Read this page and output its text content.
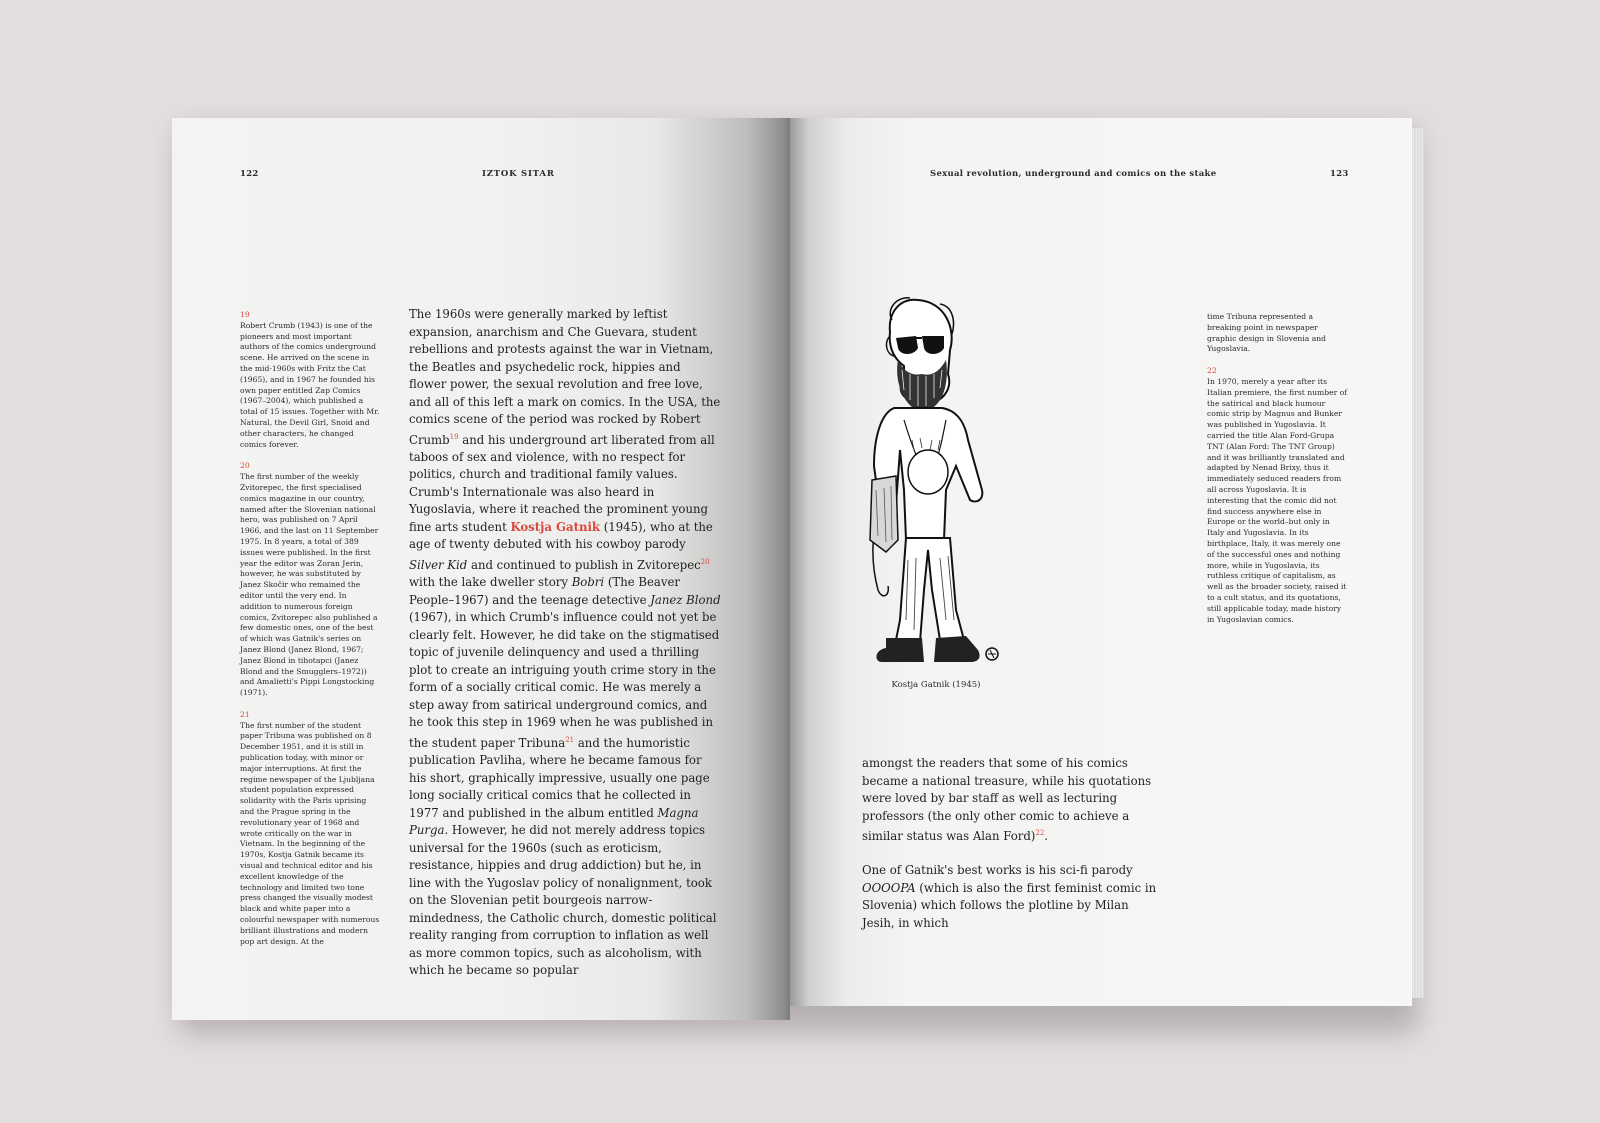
122	IZTOK SITAR
19
Robert Crumb (1943) is one of the pioneers and most important authors of the comics underground scene. He arrived on the scene in the mid-1960s with Fritz the Cat (1965), and in 1967 he founded his own paper entitled Zap Comics (1967–2004), which published a total of 15 issues. Together with Mr. Natural, the Devil Girl, Snoid and other characters, he changed comics forever.
20
The first number of the weekly Zvitorepec, the first specialised comics magazine in our country, named after the Slovenian national hero, was published on 7 April 1966, and the last on 11 September 1975. In 8 years, a total of 389 issues were published. In the first year the editor was Zoran Jerin, however, he was substituted by Janez Skočir who remained the editor until the very end. In addition to numerous foreign comics, Zvitorepec also published a few domestic ones, one of the best of which was Gatnik's series on Janez Blond (Janez Blond, 1967; Janez Blond in tihotapci (Janez Blond and the Smugglers–1972)) and Amalietti's Pippi Longstocking (1971).
21
The first number of the student paper Tribuna was published on 8 December 1951, and it is still in publication today, with minor or major interruptions. At first the regime newspaper of the Ljubljana student population expressed solidarity with the Paris uprising and the Prague spring in the revolutionary year of 1968 and wrote critically on the war in Vietnam. In the beginning of the 1970s, Kostja Gatnik became its visual and technical editor and his excellent knowledge of the technology and limited two tone press changed the visually modest black and white paper into a colourful newspaper with numerous brilliant illustrations and modern pop art design. At the

The 1960s were generally marked by leftist expansion, anarchism and Che Guevara, student rebellions and protests against the war in Vietnam, the Beatles and psychedelic rock, hippies and flower power, the sexual revolution and free love, and all of this left a mark on comics. In the USA, the comics scene of the period was rocked by Robert Crumb$^{19}$ and his underground art liberated from all taboos of sex and violence, with no respect for politics, church and traditional family values. Crumb's Internationale was also heard in Yugoslavia, where it reached the prominent young fine arts student Kostja Gatnik (1945), who at the age of twenty debuted with his cowboy parody Silver Kid and continued to publish in Zvitorepec$^{20}$ with the lake dweller story Bobri (The Beaver People–1967) and the teenage detective Janez Blond (1967), in which Crumb's influence could not yet be clearly felt. However, he did take on the stigmatised topic of juvenile delinquency and used a thrilling plot to create an intriguing youth crime story in the form of a socially critical comic. He was merely a step away from satirical underground comics, and he took this step in 1969 when he was published in the student paper Tribuna$^{21}$ and the humoristic publication Pavliha, where he became famous for his short, graphically impressive, usually one page long socially critical comics that he collected in 1977 and published in the album entitled Magna Purga. However, he did not merely address topics universal for the 1960s (such as eroticism, resistance, hippies and drug addiction) but he, in line with the Yugoslav policy of nonalignment, took on the Slovenian petit bourgeois narrow-mindedness, the Catholic church, domestic political reality ranging from corruption to inflation as well as more common topics, such as alcoholism, with which he became so popular

Sexual revolution, underground and comics on the stake	123
Kostja Gatnik (1945)
time Tribuna represented a breaking point in newspaper graphic design in Slovenia and Yugoslavia.
22
In 1970, merely a year after its Italian premiere, the first number of the satirical and black humour comic strip by Magnus and Bunker was published in Yugoslavia. It carried the title Alan Ford-Grupa TNT (Alan Ford: The TNT Group) and it was brilliantly translated and adapted by Nenad Brixy, thus it immediately seduced readers from all across Yugoslavia. It is interesting that the comic did not find success anywhere else in Europe or the world–but only in Italy and Yugoslavia. In its birthplace, Italy, it was merely one of the successful ones and nothing more, while in Yugoslavia, its ruthless critique of capitalism, as well as the broader society, raised it to a cult status, and its quotations, still applicable today, made history in Yugoslavian comics.

amongst the readers that some of his comics became a national treasure, while his quotations were loved by bar staff as well as lecturing professors (the only other comic to achieve a similar status was Alan Ford)$^{22}$.

One of Gatnik's best works is his sci-fi parody OOOOPA (which is also the first feminist comic in Slovenia) which follows the plotline by Milan Jesih, in which
